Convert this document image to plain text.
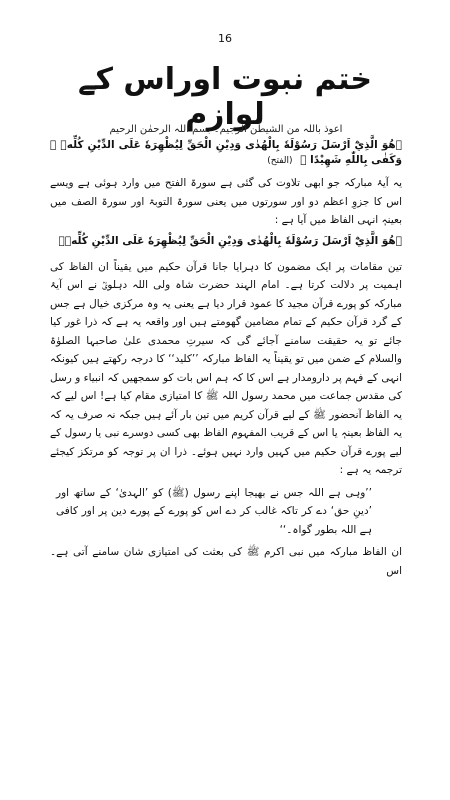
16
ختم نبوت اوراس کے لوازم
اعوذ باللہ من الشیطٰن الرجیم۔ بسم اللہ الرحمٰن الرحیم
﴿هُوَ الَّذِيْٓ اَرْسَلَ رَسُوْلَهٗ بِالْهُدٰى وَدِيْنِ الْحَقِّ لِيُظْهِرَهٗ عَلَى الدِّيْنِ كُلِّهٖ ۭ وَكَفٰى بِاللّٰهِ شَهِيْدًا ﴾ (الفتح)

یہ آیۂ مبارکہ جو ابھی تلاوت کی گئی ہے سورۃ الفتح میں وارد ہوئی ہے ویسے اس کا جزوِ اعظم دو اور سورتوں میں یعنی سورۃ التوبۃ اور سورۃ الصف میں بعینہٖ انہی الفاظ میں آیا ہے :

﴿هُوَ الَّذِيْٓ اَرْسَلَ رَسُوْلَهٗ بِالْهُدٰى وَدِيْنِ الْحَقِّ لِيُظْهِرَهٗ عَلَى الدِّيْنِ كُلِّهٖ﴾

تین مقامات پر ایک مضمون کا دہرایا جانا قرآن حکیم میں یقیناً ان الفاظ کی اہمیت پر دلالت کرتا ہے۔ امام الہند حضرت شاہ ولی اللہ دہلویؒ نے اس آیۂ مبارکہ کو پورے قرآن مجید کا عمود قرار دیا ہے یعنی یہ وہ مرکزی خیال ہے جس کے گرد قرآن حکیم کے تمام مضامین گھومتے ہیں اور واقعہ یہ ہے کہ ذرا غور کیا جائے تو یہ حقیقت سامنے آجائے گی کہ سیرتِ محمدی علیٰ صاحبہا الصلوٰۃ والسلام کے ضمن میں تو یقیناً یہ الفاظ مبارکہ ’’کلید‘‘ کا درجہ رکھتے ہیں کیونکہ انہی کے فہم پر دارومدار ہے اس کا کہ ہم اس بات کو سمجھیں کہ انبیاء و رسل کی مقدس جماعت میں محمد رسول اللہ ﷺ کا امتیازی مقام کیا ہے! اس لیے کہ یہ الفاظ آنحضور ﷺ کے لیے قرآن کریم میں تین بار آئے ہیں جبکہ نہ صرف یہ کہ یہ الفاظ بعینہٖ یا اس کے قریب المفہوم الفاظ بھی کسی دوسرے نبی یا رسول کے لیے پورے قرآن حکیم میں کہیں وارد نہیں ہوئے۔ ذرا ان پر توجہ کو مرتکز کیجئے ترجمہ یہ ہے :

’’وہی ہے اللہ جس نے بھیجا اپنے رسول (ﷺ) کو ’الہدیٰ‘ کے ساتھ اور ’دینِ حق‘ دے کر تاکہ غالب کر دے اس کو پورے کے پورے دین پر اور کافی ہے اللہ بطور گواہ۔‘‘

ان الفاظ مبارکہ میں نبی اکرم ﷺ کی بعثت کی امتیازی شان سامنے آتی ہے۔ اس
